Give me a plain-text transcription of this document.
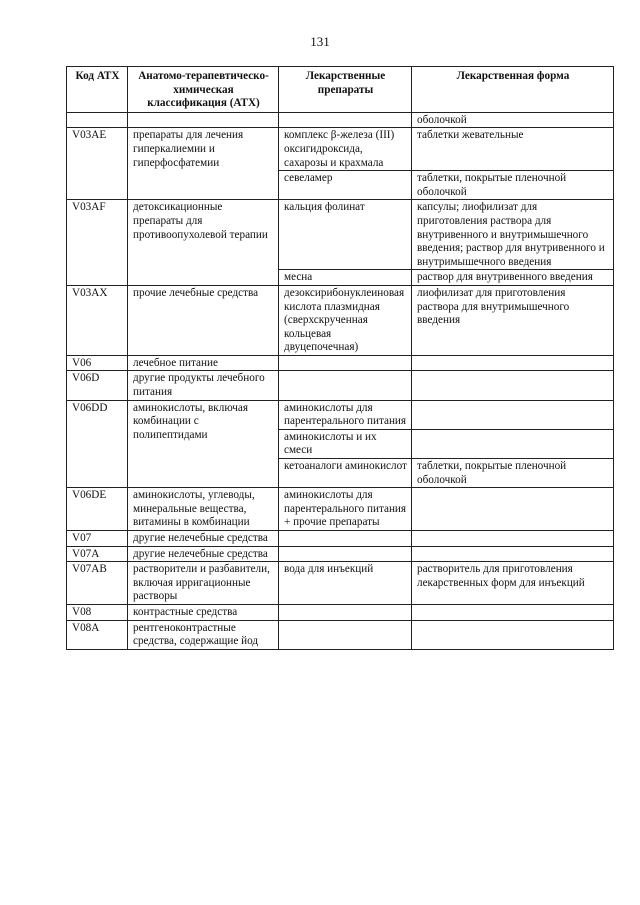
131
Код АТХ	Анатомо-терапевтическо-химическая классификация (АТХ)	Лекарственные препараты	Лекарственная форма
			оболочкой
V03AE	препараты для лечения гиперкалиемии и гиперфосфатемии	комплекс β-железа (III) оксигидроксида, сахарозы и крахмала	таблетки жевательные
		севеламер	таблетки, покрытые пленочной оболочкой
V03AF	детоксикационные препараты для противоопухолевой терапии	кальция фолинат	капсулы; лиофилизат для приготовления раствора для внутривенного и внутримышечного введения; раствор для внутривенного и внутримышечного введения
		месна	раствор для внутривенного введения
V03AX	прочие лечебные средства	дезоксирибонуклеиновая кислота плазмидная (сверхскрученная кольцевая двуцепочечная)	лиофилизат для приготовления раствора для внутримышечного введения
V06	лечебное питание		
V06D	другие продукты лечебного питания		
V06DD	аминокислоты, включая комбинации с полипептидами	аминокислоты для парентерального питания	
		аминокислоты и их смеси	
		кетоаналоги аминокислот	таблетки, покрытые пленочной оболочкой
V06DE	аминокислоты, углеводы, минеральные вещества, витамины в комбинации	аминокислоты для парентерального питания + прочие препараты	
V07	другие нелечебные средства		
V07A	другие нелечебные средства		
V07AB	растворители и разбавители, включая ирригационные растворы	вода для инъекций	растворитель для приготовления лекарственных форм для инъекций
V08	контрастные средства		
V08A	рентгеноконтрастные средства, содержащие йод		
